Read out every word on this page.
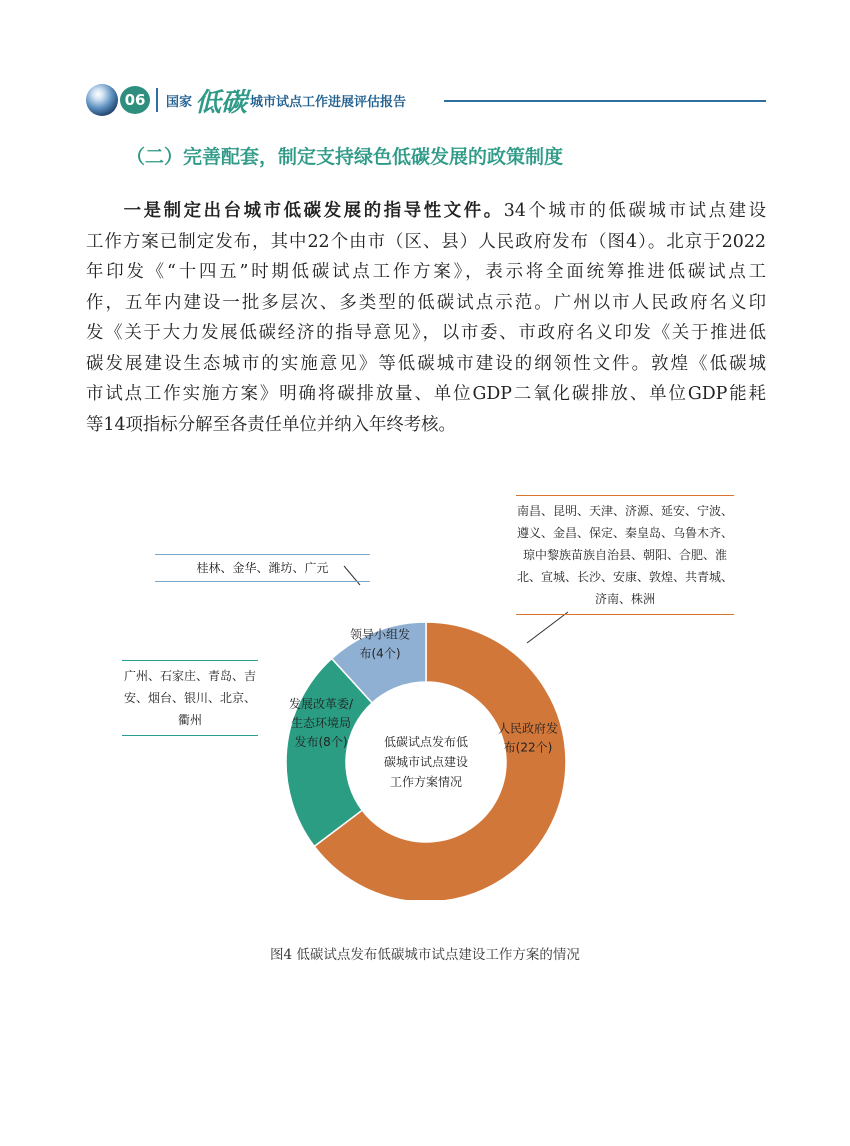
06	国家 低碳 城市试点工作进展评估报告
（二）完善配套，制定支持绿色低碳发展的政策制度
一是制定出台城市低碳发展的指导性文件。34个城市的低碳城市试点建设
工作方案已制定发布，其中22个由市（区、县）人民政府发布（图4）。北京于2022
年印发《“十四五”时期低碳试点工作方案》，表示将全面统筹推进低碳试点工
作，五年内建设一批多层次、多类型的低碳试点示范。广州以市人民政府名义印
发《关于大力发展低碳经济的指导意见》，以市委、市政府名义印发《关于推进低
碳发展建设生态城市的实施意见》等低碳城市建设的纲领性文件。敦煌《低碳城
市试点工作实施方案》明确将碳排放量、单位GDP二氧化碳排放、单位GDP能耗
等14项指标分解至各责任单位并纳入年终考核。
人民政府发
布(22个)
发展改革委/
生态环境局
发布(8个)
领导小组发
布(4个)
低碳试点发布低
碳城市试点建设
工作方案情况
南昌、昆明、天津、济源、延安、宁波、
遵义、金昌、保定、秦皇岛、乌鲁木齐、
琼中黎族苗族自治县、朝阳、合肥、淮
北、宣城、长沙、安康、敦煌、共青城、
济南、株洲
桂林、金华、潍坊、广元
广州、石家庄、青岛、吉
安、烟台、银川、北京、
衢州
图4 低碳试点发布低碳城市试点建设工作方案的情况
